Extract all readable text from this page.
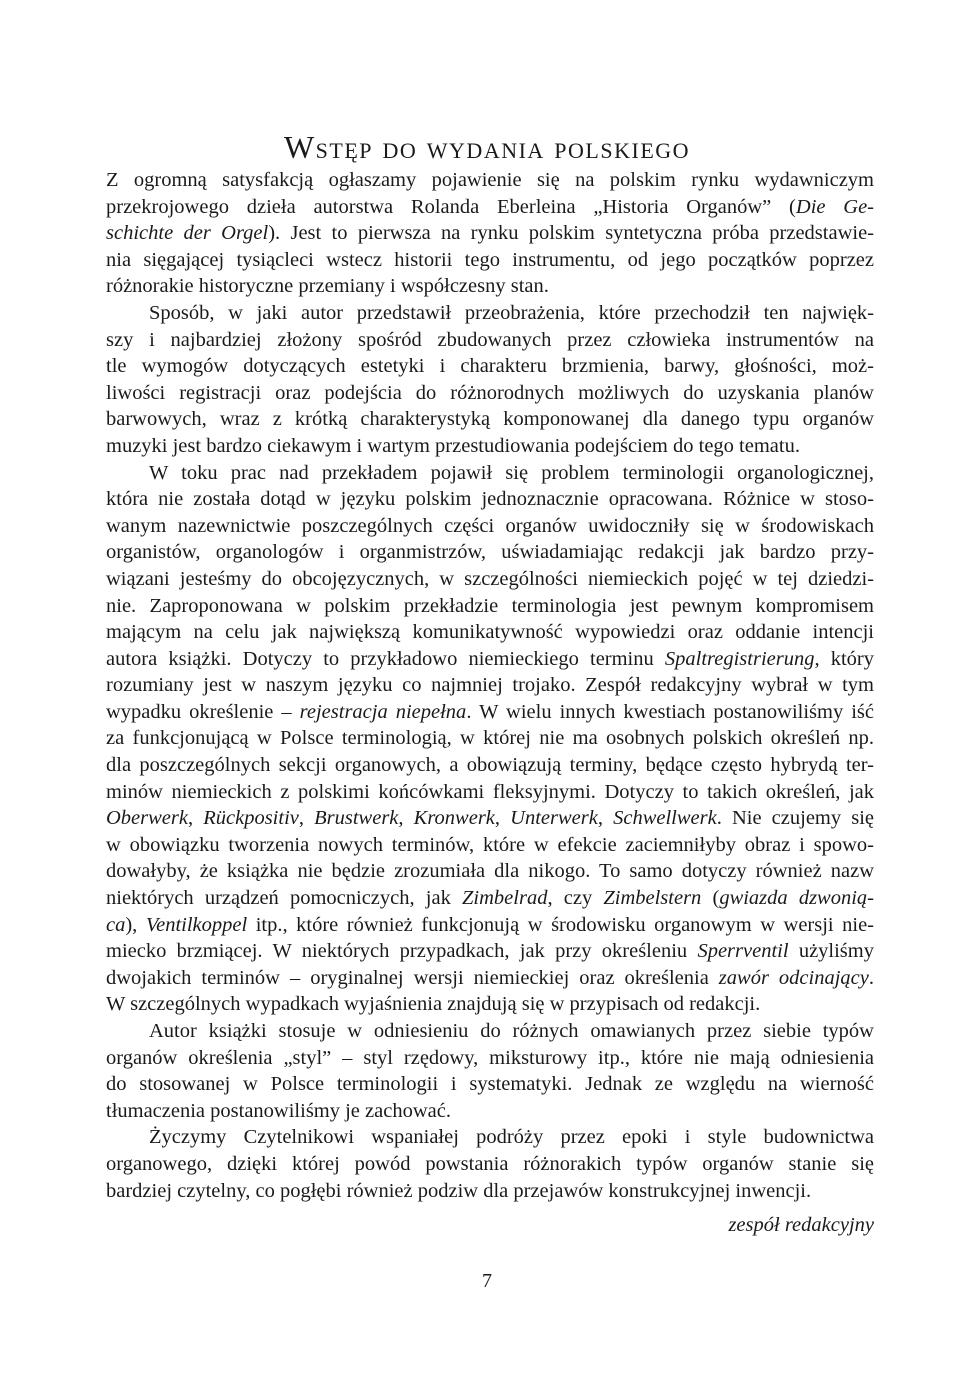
Wstęp do wydania polskiego
Z ogromną satysfakcją ogłaszamy pojawienie się na polskim rynku wydawniczym
przekrojowego dzieła autorstwa Rolanda Eberleina „Historia Organów” (Die Ge-
schichte der Orgel). Jest to pierwsza na rynku polskim syntetyczna próba przedstawie-
nia sięgającej tysiącleci wstecz historii tego instrumentu, od jego początków poprzez
różnorakie historyczne przemiany i współczesny stan.
Sposób, w jaki autor przedstawił przeobrażenia, które przechodził ten najwięk-
szy i najbardziej złożony spośród zbudowanych przez człowieka instrumentów na
tle wymogów dotyczących estetyki i charakteru brzmienia, barwy, głośności, moż-
liwości registracji oraz podejścia do różnorodnych możliwych do uzyskania planów
barwowych, wraz z krótką charakterystyką komponowanej dla danego typu organów
muzyki jest bardzo ciekawym i wartym przestudiowania podejściem do tego tematu.
W toku prac nad przekładem pojawił się problem terminologii organologicznej,
która nie została dotąd w języku polskim jednoznacznie opracowana. Różnice w stoso-
wanym nazewnictwie poszczególnych części organów uwidoczniły się w środowiskach
organistów, organologów i organmistrzów, uświadamiając redakcji jak bardzo przy-
wiązani jesteśmy do obcojęzycznych, w szczególności niemieckich pojęć w tej dziedzi-
nie. Zaproponowana w polskim przekładzie terminologia jest pewnym kompromisem
mającym na celu jak największą komunikatywność wypowiedzi oraz oddanie intencji
autora książki. Dotyczy to przykładowo niemieckiego terminu Spaltregistrierung, który
rozumiany jest w naszym języku co najmniej trojako. Zespół redakcyjny wybrał w tym
wypadku określenie – rejestracja niepełna. W wielu innych kwestiach postanowiliśmy iść
za funkcjonującą w Polsce terminologią, w której nie ma osobnych polskich określeń np.
dla poszczególnych sekcji organowych, a obowiązują terminy, będące często hybrydą ter-
minów niemieckich z polskimi końcówkami fleksyjnymi. Dotyczy to takich określeń, jak
Oberwerk, Rückpositiv, Brustwerk, Kronwerk, Unterwerk, Schwellwerk. Nie czujemy się
w obowiązku tworzenia nowych terminów, które w efekcie zaciemniłyby obraz i spowo-
dowałyby, że książka nie będzie zrozumiała dla nikogo. To samo dotyczy również nazw
niektórych urządzeń pomocniczych, jak Zimbelrad, czy Zimbelstern (gwiazda dzwonią-
ca), Ventilkoppel itp., które również funkcjonują w środowisku organowym w wersji nie-
miecko brzmiącej. W niektórych przypadkach, jak przy określeniu Sperrventil użyliśmy
dwojakich terminów – oryginalnej wersji niemieckiej oraz określenia zawór odcinający.
W szczególnych wypadkach wyjaśnienia znajdują się w przypisach od redakcji.
Autor książki stosuje w odniesieniu do różnych omawianych przez siebie typów
organów określenia „styl” – styl rzędowy, miksturowy itp., które nie mają odniesienia
do stosowanej w Polsce terminologii i systematyki. Jednak ze względu na wierność
tłumaczenia postanowiliśmy je zachować.
Życzymy Czytelnikowi wspaniałej podróży przez epoki i style budownictwa
organowego, dzięki której powód powstania różnorakich typów organów stanie się
bardziej czytelny, co pogłębi również podziw dla przejawów konstrukcyjnej inwencji.
zespół redakcyjny
7
